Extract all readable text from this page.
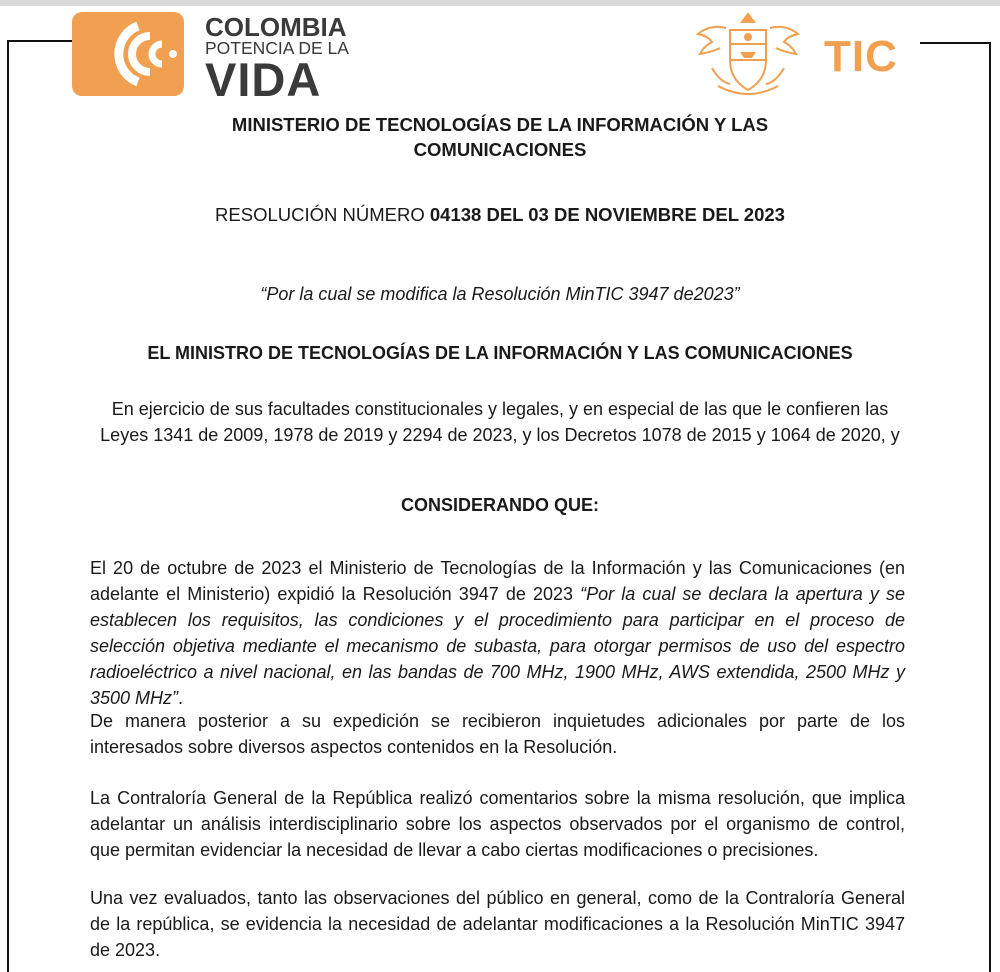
COLOMBIA
POTENCIA DE LA
VIDA	TIC
MINISTERIO DE TECNOLOGÍAS DE LA INFORMACIÓN Y LAS
COMUNICACIONES
RESOLUCIÓN NÚMERO 04138 DEL 03 DE NOVIEMBRE DEL 2023
“Por la cual se modifica la Resolución MinTIC 3947 de2023”
EL MINISTRO DE TECNOLOGÍAS DE LA INFORMACIÓN Y LAS COMUNICACIONES
En ejercicio de sus facultades constitucionales y legales, y en especial de las que le confieren las
Leyes 1341 de 2009, 1978 de 2019 y 2294 de 2023, y los Decretos 1078 de 2015 y 1064 de 2020, y
CONSIDERANDO QUE:
El 20 de octubre de 2023 el Ministerio de Tecnologías de la Información y las Comunicaciones (en adelante el Ministerio) expidió la Resolución 3947 de 2023 “Por la cual se declara la apertura y se establecen los requisitos, las condiciones y el procedimiento para participar en el proceso de selección objetiva mediante el mecanismo de subasta, para otorgar permisos de uso del espectro radioeléctrico a nivel nacional, en las bandas de 700 MHz, 1900 MHz, AWS extendida, 2500 MHz y 3500 MHz”.
De manera posterior a su expedición se recibieron inquietudes adicionales por parte de los interesados sobre diversos aspectos contenidos en la Resolución.
La Contraloría General de la República realizó comentarios sobre la misma resolución, que implica adelantar un análisis interdisciplinario sobre los aspectos observados por el organismo de control, que permitan evidenciar la necesidad de llevar a cabo ciertas modificaciones o precisiones.
Una vez evaluados, tanto las observaciones del público en general, como de la Contraloría General de la república, se evidencia la necesidad de adelantar modificaciones a la Resolución MinTIC 3947 de 2023.
